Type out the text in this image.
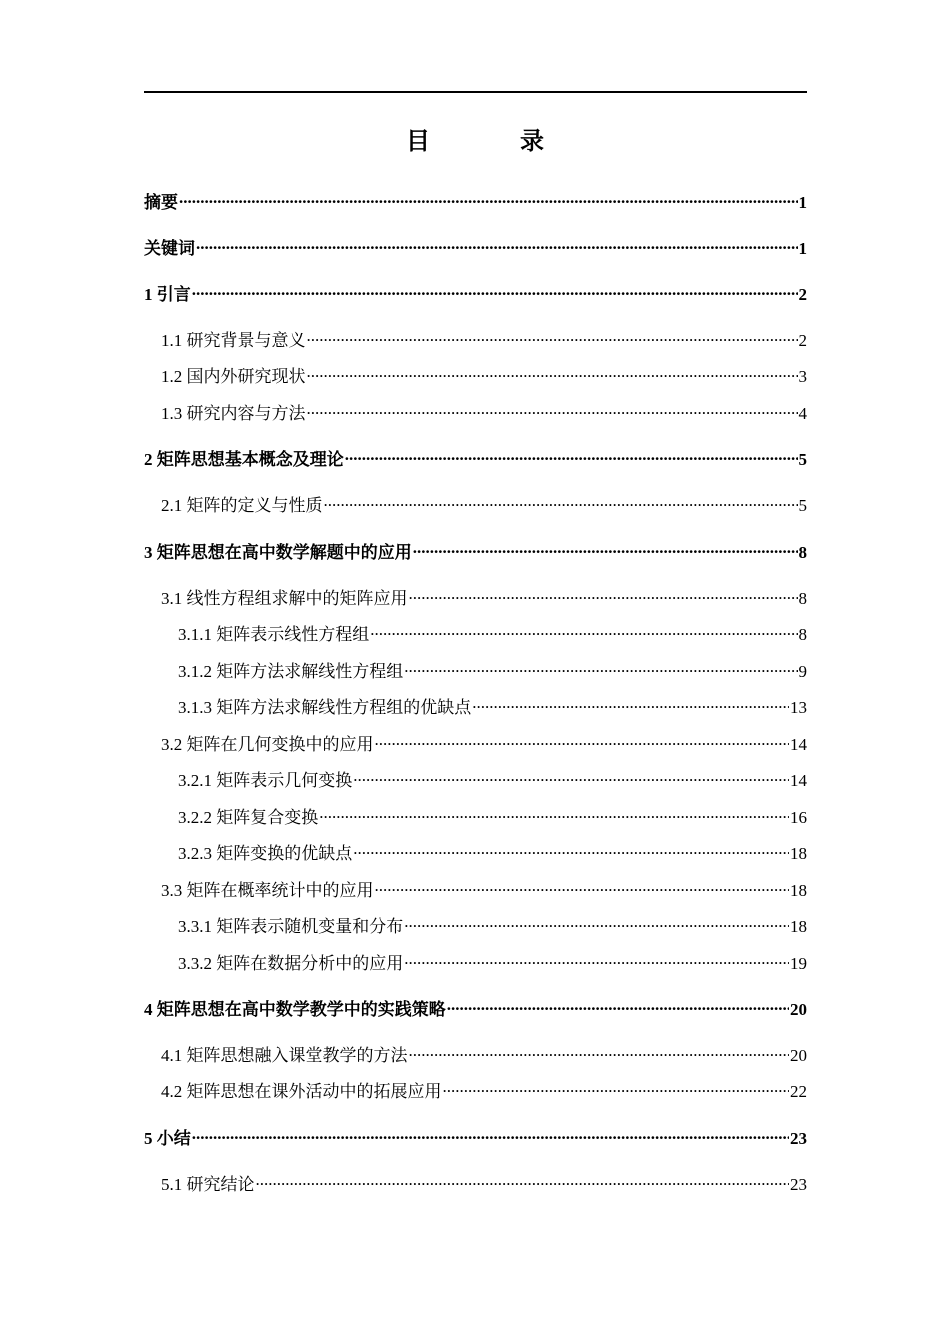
目 录
摘要 .....	1
关键词 .....	1
1 引言 .....	2
1.1 研究背景与意义 .....	2
1.2 国内外研究现状 .....	3
1.3 研究内容与方法 .....	4
2 矩阵思想基本概念及理论 .....	5
2.1 矩阵的定义与性质 .....	5
3 矩阵思想在高中数学解题中的应用 .....	8
3.1 线性方程组求解中的矩阵应用 .....	8
3.1.1 矩阵表示线性方程组 .....	8
3.1.2 矩阵方法求解线性方程组 .....	9
3.1.3 矩阵方法求解线性方程组的优缺点 .....	13
3.2 矩阵在几何变换中的应用 .....	14
3.2.1 矩阵表示几何变换 .....	14
3.2.2 矩阵复合变换 .....	16
3.2.3 矩阵变换的优缺点 .....	18
3.3 矩阵在概率统计中的应用 .....	18
3.3.1 矩阵表示随机变量和分布 .....	18
3.3.2 矩阵在数据分析中的应用 .....	19
4 矩阵思想在高中数学教学中的实践策略 .....	20
4.1 矩阵思想融入课堂教学的方法 .....	20
4.2 矩阵思想在课外活动中的拓展应用 .....	22
5 小结 .....	23
5.1 研究结论 .....	23
